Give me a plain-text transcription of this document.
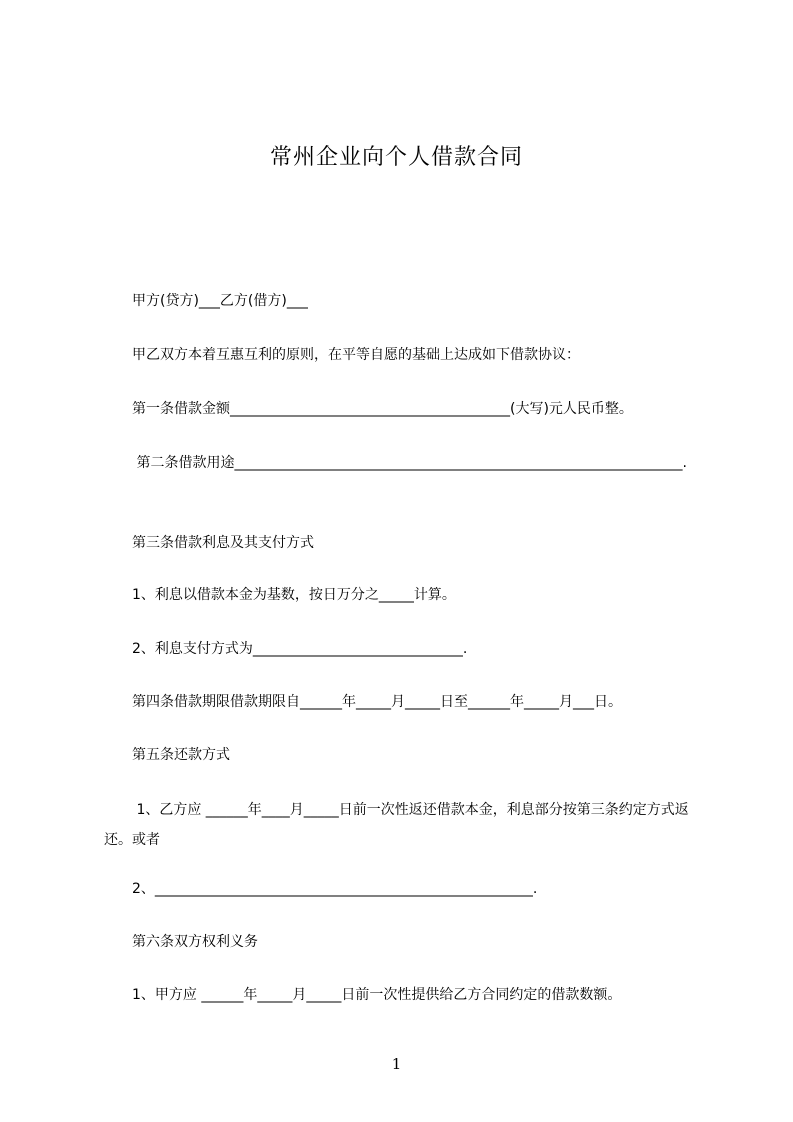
常州企业向个人借款合同
　　甲方(贷方)___乙方(借方)___
　　甲乙双方本着互惠互利的原则，在平等自愿的基础上达成如下借款协议：
　　第一条借款金额________________________________________(大写)元人民币整。
　　 第二条借款用途________________________________________________________________.
　　第三条借款利息及其支付方式
　　1、利息以借款本金为基数，按日万分之_____计算。
　　2、利息支付方式为______________________________.
　　第四条借款期限借款期限自______年_____月_____日至______年_____月___日。
　　第五条还款方式
　　 1、乙方应 ______年____月_____日前一次性返还借款本金，利息部分按第三条约定方式返还。或者
　　2、______________________________________________________.
　　第六条双方权利义务
　　1、甲方应 ______年_____月_____日前一次性提供给乙方合同约定的借款数额。
1
